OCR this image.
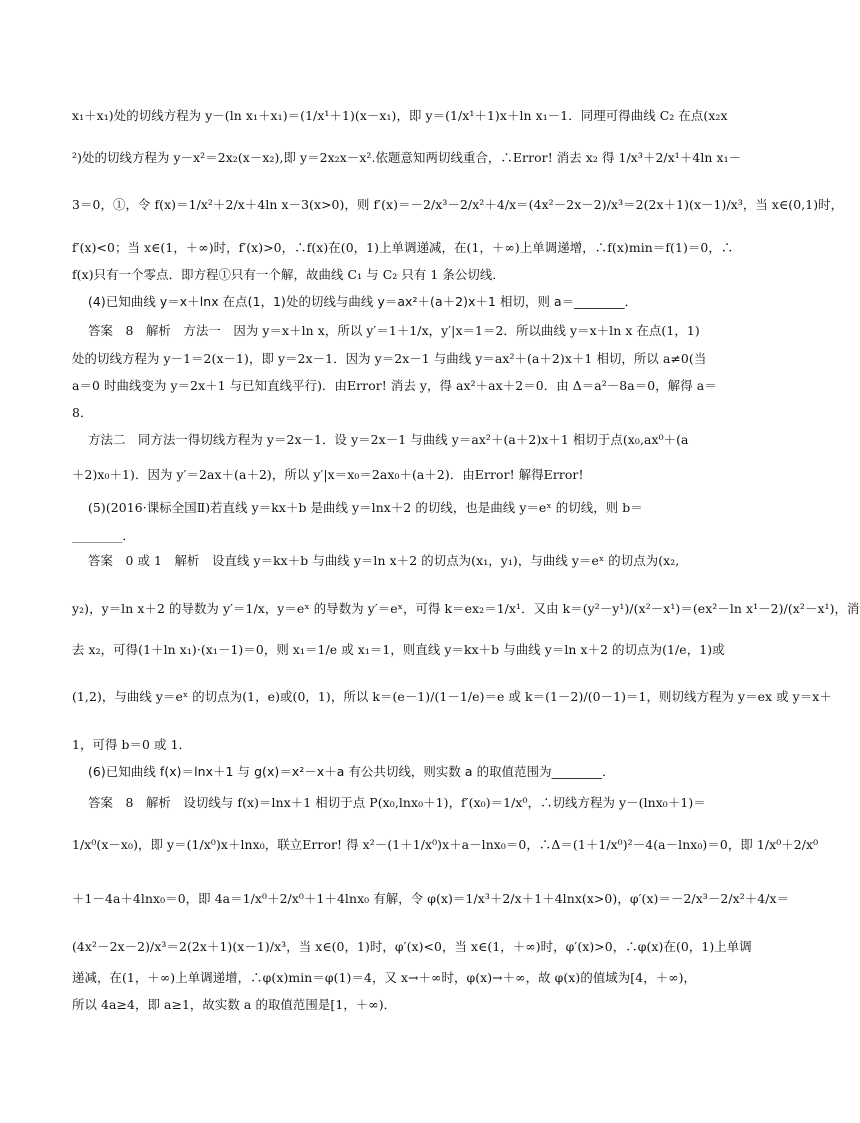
x₁＋x₁)处的切线方程为 y－(ln x₁＋x₁)＝(1/x¹＋1)(x－x₁)，即 y＝(1/x¹＋1)x＋ln x₁－1．同理可得曲线 C₂ 在点(x₂x
²)处的切线方程为 y－x²＝2x₂(x－x₂),即 y＝2x₂x－x².依题意知两切线重合，∴Error! 消去 x₂ 得 1/x³＋2/x¹＋4ln x₁－
3＝0，①，令 f(x)＝1/x²＋2/x＋4ln x－3(x>0)，则 f′(x)＝－2/x³－2/x²＋4/x＝(4x²－2x－2)/x³＝2(2x＋1)(x－1)/x³，当 x∈(0,1)时，
f′(x)<0；当 x∈(1，＋∞)时，f′(x)>0，∴f(x)在(0，1)上单调递减，在(1，＋∞)上单调递增，∴f(x)min＝f(1)＝0，∴
f(x)只有一个零点．即方程①只有一个解，故曲线 C₁ 与 C₂ 只有 1 条公切线．
(4)已知曲线 y＝x＋lnx 在点(1，1)处的切线与曲线 y＝ax²＋(a＋2)x＋1 相切，则 a＝________．
答案　8　解析　方法一　因为 y＝x＋ln x，所以 y′＝1＋1/x，y′|x＝1＝2．所以曲线 y＝x＋ln x 在点(1，1)
处的切线方程为 y－1＝2(x－1)，即 y＝2x－1．因为 y＝2x－1 与曲线 y＝ax²＋(a＋2)x＋1 相切，所以 a≠0(当
a＝0 时曲线变为 y＝2x＋1 与已知直线平行)．由Error! 消去 y，得 ax²＋ax＋2＝0．由 Δ＝a²－8a＝0，解得 a＝
8．
方法二　同方法一得切线方程为 y＝2x－1．设 y＝2x－1 与曲线 y＝ax²＋(a＋2)x＋1 相切于点(x₀,ax⁰＋(a
＋2)x₀＋1)．因为 y′＝2ax＋(a＋2)，所以 y′|x＝x₀＝2ax₀＋(a＋2)．由Error! 解得Error!
(5)(2016·课标全国Ⅱ)若直线 y＝kx＋b 是曲线 y＝lnx＋2 的切线，也是曲线 y＝eˣ 的切线，则 b＝
________．
答案　0 或 1　解析　设直线 y＝kx＋b 与曲线 y＝ln x＋2 的切点为(x₁，y₁)，与曲线 y＝eˣ 的切点为(x₂,
y₂)，y＝ln x＋2 的导数为 y′＝1/x，y＝eˣ 的导数为 y′＝eˣ，可得 k＝ex₂＝1/x¹．又由 k＝(y²－y¹)/(x²－x¹)＝(ex²－ln x¹－2)/(x²－x¹)，消
去 x₂，可得(1＋ln x₁)·(x₁－1)＝0，则 x₁＝1/e 或 x₁＝1，则直线 y＝kx＋b 与曲线 y＝ln x＋2 的切点为(1/e，1)或
(1,2)，与曲线 y＝eˣ 的切点为(1，e)或(0，1)，所以 k＝(e－1)/(1－1/e)＝e 或 k＝(1－2)/(0－1)＝1，则切线方程为 y＝ex 或 y＝x＋
1，可得 b＝0 或 1．
(6)已知曲线 f(x)＝lnx＋1 与 g(x)＝x²－x＋a 有公共切线，则实数 a 的取值范围为________．
答案　8　解析　设切线与 f(x)＝lnx＋1 相切于点 P(x₀,lnx₀＋1)，f′(x₀)＝1/x⁰，∴切线方程为 y－(lnx₀＋1)＝
1/x⁰(x－x₀)，即 y＝(1/x⁰)x＋lnx₀，联立Error! 得 x²－(1＋1/x⁰)x＋a－lnx₀＝0，∴Δ＝(1＋1/x⁰)²－4(a－lnx₀)＝0，即 1/x⁰＋2/x⁰
＋1－4a＋4lnx₀＝0，即 4a＝1/x⁰＋2/x⁰＋1＋4lnx₀ 有解，令 φ(x)＝1/x³＋2/x＋1＋4lnx(x>0)，φ′(x)＝－2/x³－2/x²＋4/x＝
(4x²－2x－2)/x³＝2(2x＋1)(x－1)/x³，当 x∈(0，1)时，φ′(x)<0，当 x∈(1，＋∞)时，φ′(x)>0，∴φ(x)在(0，1)上单调
递减，在(1，＋∞)上单调递增，∴φ(x)min＝φ(1)＝4，又 x→＋∞时，φ(x)→＋∞，故 φ(x)的值域为[4，＋∞)，
所以 4a≥4，即 a≥1，故实数 a 的取值范围是[1，＋∞)．
